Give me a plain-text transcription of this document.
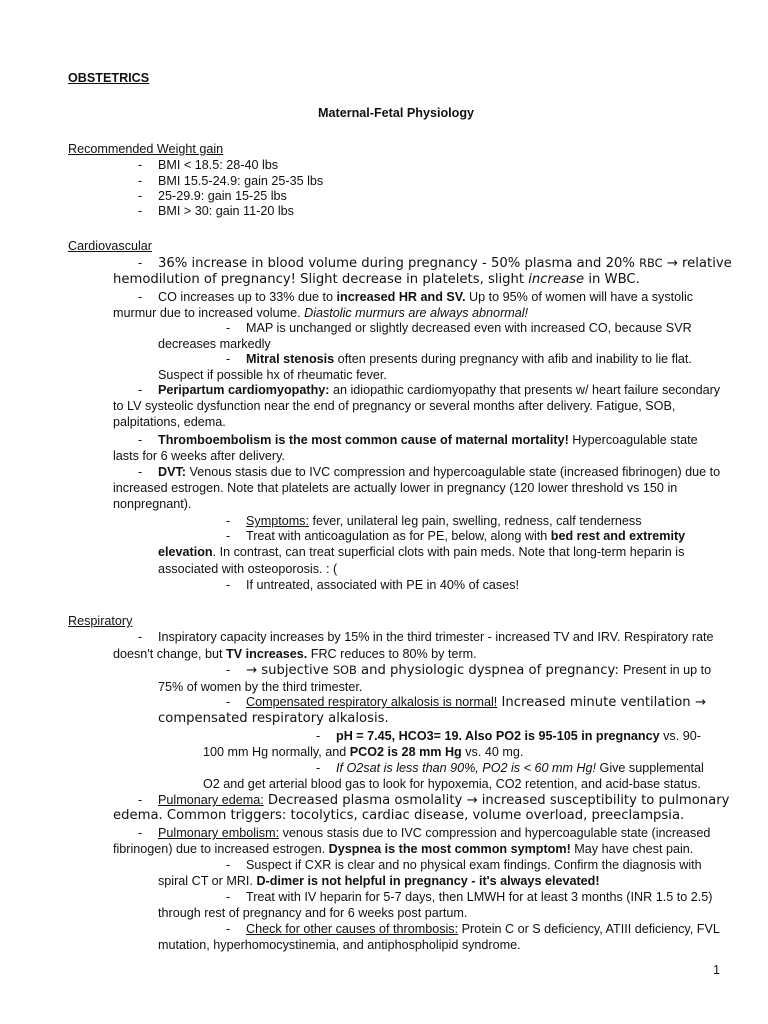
OBSTETRICS
Maternal-Fetal Physiology
Recommended Weight gain
- BMI < 18.5: 28-40 lbs
- BMI 15.5-24.9: gain 25-35 lbs
- 25-29.9: gain 15-25 lbs
- BMI > 30: gain 11-20 lbs
Cardiovascular
- 36% increase in blood volume during pregnancy - 50% plasma and 20% RBC → relative
hemodilution of pregnancy! Slight decrease in platelets, slight increase in WBC.
- CO increases up to 33% due to increased HR and SV. Up to 95% of women will have a systolic
murmur due to increased volume. Diastolic murmurs are always abnormal!
- MAP is unchanged or slightly decreased even with increased CO, because SVR
decreases markedly
- Mitral stenosis often presents during pregnancy with afib and inability to lie flat.
Suspect if possible hx of rheumatic fever.
- Peripartum cardiomyopathy: an idiopathic cardiomyopathy that presents w/ heart failure secondary
to LV systeolic dysfunction near the end of pregnancy or several months after delivery. Fatigue, SOB,
palpitations, edema.
- Thromboembolism is the most common cause of maternal mortality! Hypercoagulable state
lasts for 6 weeks after delivery.
- DVT: Venous stasis due to IVC compression and hypercoagulable state (increased fibrinogen) due to
increased estrogen. Note that platelets are actually lower in pregnancy (120 lower threshold vs 150 in
nonpregnant).
- Symptoms: fever, unilateral leg pain, swelling, redness, calf tenderness
- Treat with anticoagulation as for PE, below, along with bed rest and extremity
elevation. In contrast, can treat superficial clots with pain meds. Note that long-term heparin is
associated with osteoporosis. : (
- If untreated, associated with PE in 40% of cases!
Respiratory
- Inspiratory capacity increases by 15% in the third trimester - increased TV and IRV. Respiratory rate
doesn't change, but TV increases. FRC reduces to 80% by term.
- → subjective SOB and physiologic dyspnea of pregnancy: Present in up to
75% of women by the third trimester.
- Compensated respiratory alkalosis is normal! Increased minute ventilation →
compensated respiratory alkalosis.
- pH = 7.45, HCO3= 19. Also PO2 is 95-105 in pregnancy vs. 90-
100 mm Hg normally, and PCO2 is 28 mm Hg vs. 40 mg.
- If O2sat is less than 90%, PO2 is < 60 mm Hg! Give supplemental
O2 and get arterial blood gas to look for hypoxemia, CO2 retention, and acid-base status.
- Pulmonary edema: Decreased plasma osmolality → increased susceptibility to pulmonary
edema. Common triggers: tocolytics, cardiac disease, volume overload, preeclampsia.
- Pulmonary embolism: venous stasis due to IVC compression and hypercoagulable state (increased
fibrinogen) due to increased estrogen. Dyspnea is the most common symptom! May have chest pain.
- Suspect if CXR is clear and no physical exam findings. Confirm the diagnosis with
spiral CT or MRI. D-dimer is not helpful in pregnancy - it's always elevated!
- Treat with IV heparin for 5-7 days, then LMWH for at least 3 months (INR 1.5 to 2.5)
through rest of pregnancy and for 6 weeks post partum.
- Check for other causes of thrombosis: Protein C or S deficiency, ATIII deficiency, FVL
mutation, hyperhomocystinemia, and antiphospholipid syndrome.
1
